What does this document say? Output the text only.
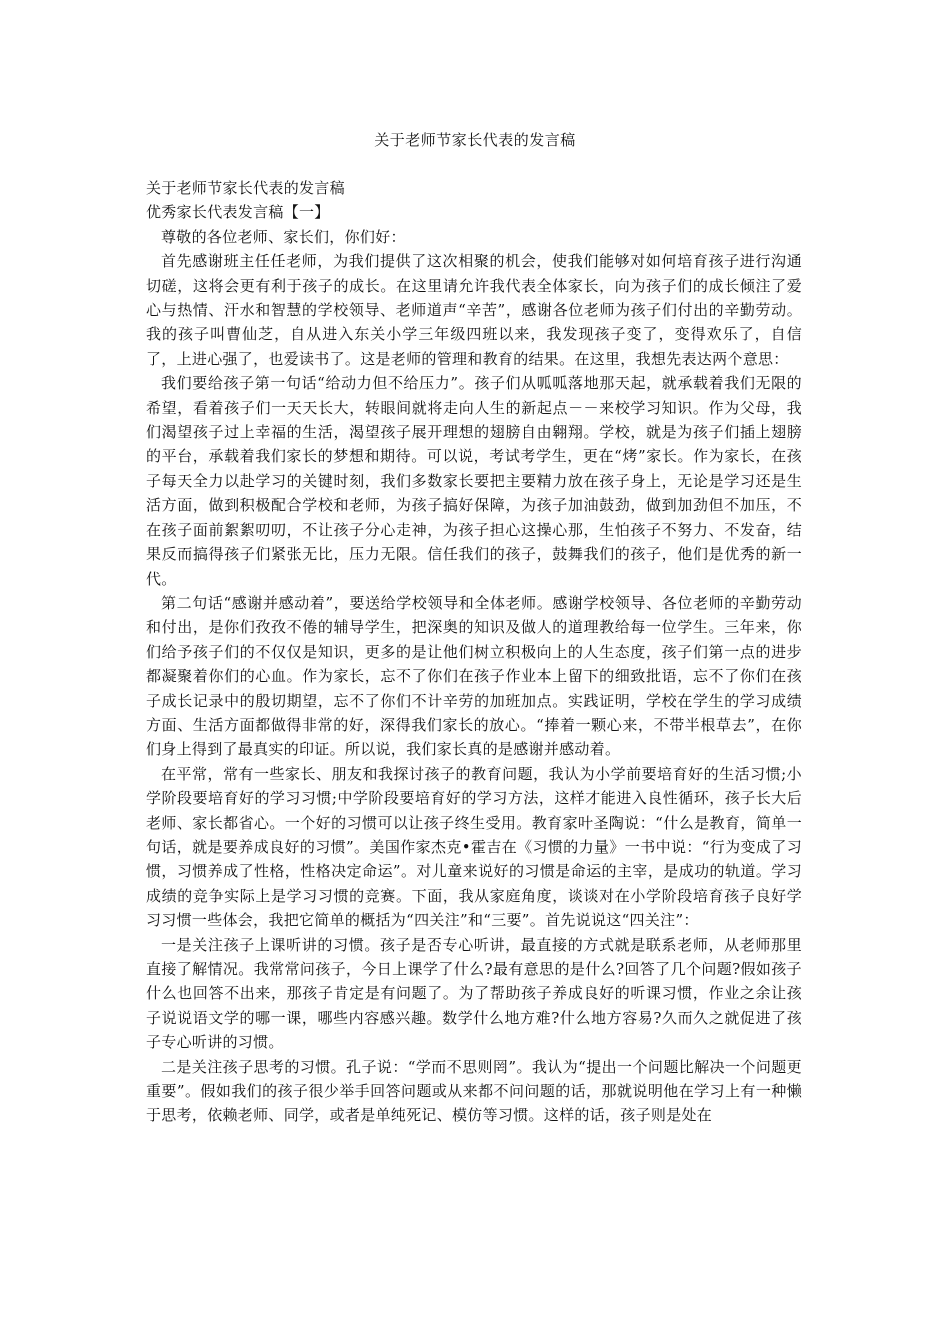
关于老师节家长代表的发言稿

关于老师节家长代表的发言稿

优秀家长代表发言稿【一】

尊敬的各位老师、家长们，你们好：

首先感谢班主任任老师，为我们提供了这次相聚的机会，使我们能够对如何培育孩子进行沟通切磋，这将会更有利于孩子的成长。在这里请允许我代表全体家长，向为孩子们的成长倾注了爱心与热情、汗水和智慧的学校领导、老师道声“辛苦”，感谢各位老师为孩子们付出的辛勤劳动。我的孩子叫曹仙芝，自从进入东关小学三年级四班以来，我发现孩子变了，变得欢乐了，自信了，上进心强了，也爱读书了。这是老师的管理和教育的结果。在这里，我想先表达两个意思：

我们要给孩子第一句话“给动力但不给压力”。孩子们从呱呱落地那天起，就承载着我们无限的希望，看着孩子们一天天长大，转眼间就将走向人生的新起点－－来校学习知识。作为父母，我们渴望孩子过上幸福的生活，渴望孩子展开理想的翅膀自由翱翔。学校，就是为孩子们插上翅膀的平台，承载着我们家长的梦想和期待。可以说，考试考学生，更在“烤”家长。作为家长，在孩子每天全力以赴学习的关键时刻，我们多数家长要把主要精力放在孩子身上，无论是学习还是生活方面，做到积极配合学校和老师，为孩子搞好保障，为孩子加油鼓劲，做到加劲但不加压，不在孩子面前絮絮叨叨，不让孩子分心走神，为孩子担心这操心那，生怕孩子不努力、不发奋，结果反而搞得孩子们紧张无比，压力无限。信任我们的孩子，鼓舞我们的孩子，他们是优秀的新一代。

第二句话“感谢并感动着”，要送给学校领导和全体老师。感谢学校领导、各位老师的辛勤劳动和付出，是你们孜孜不倦的辅导学生，把深奥的知识及做人的道理教给每一位学生。三年来，你们给予孩子们的不仅仅是知识，更多的是让他们树立积极向上的人生态度，孩子们第一点的进步都凝聚着你们的心血。作为家长，忘不了你们在孩子作业本上留下的细致批语，忘不了你们在孩子成长记录中的殷切期望，忘不了你们不计辛劳的加班加点。实践证明，学校在学生的学习成绩方面、生活方面都做得非常的好，深得我们家长的放心。“捧着一颗心来，不带半根草去”，在你们身上得到了最真实的印证。所以说，我们家长真的是感谢并感动着。

在平常，常有一些家长、朋友和我探讨孩子的教育问题，我认为小学前要培育好的生活习惯;小学阶段要培育好的学习习惯;中学阶段要培育好的学习方法，这样才能进入良性循环，孩子长大后老师、家长都省心。一个好的习惯可以让孩子终生受用。教育家叶圣陶说：“什么是教育，简单一句话，就是要养成良好的习惯”。美国作家杰克•霍吉在《习惯的力量》一书中说：“行为变成了习惯，习惯养成了性格，性格决定命运”。对儿童来说好的习惯是命运的主宰，是成功的轨道。学习成绩的竞争实际上是学习习惯的竞赛。下面，我从家庭角度，谈谈对在小学阶段培育孩子良好学习习惯一些体会，我把它简单的概括为“四关注”和“三要”。首先说说这“四关注”：

一是关注孩子上课听讲的习惯。孩子是否专心听讲，最直接的方式就是联系老师，从老师那里直接了解情况。我常常问孩子，今日上课学了什么?最有意思的是什么?回答了几个问题?假如孩子什么也回答不出来，那孩子肯定是有问题了。为了帮助孩子养成良好的听课习惯，作业之余让孩子说说语文学的哪一课，哪些内容感兴趣。数学什么地方难?什么地方容易?久而久之就促进了孩子专心听讲的习惯。

二是关注孩子思考的习惯。孔子说：“学而不思则罔”。我认为“提出一个问题比解决一个问题更重要”。假如我们的孩子很少举手回答问题或从来都不问问题的话，那就说明他在学习上有一种懒于思考，依赖老师、同学，或者是单纯死记、模仿等习惯。这样的话，孩子则是处在
